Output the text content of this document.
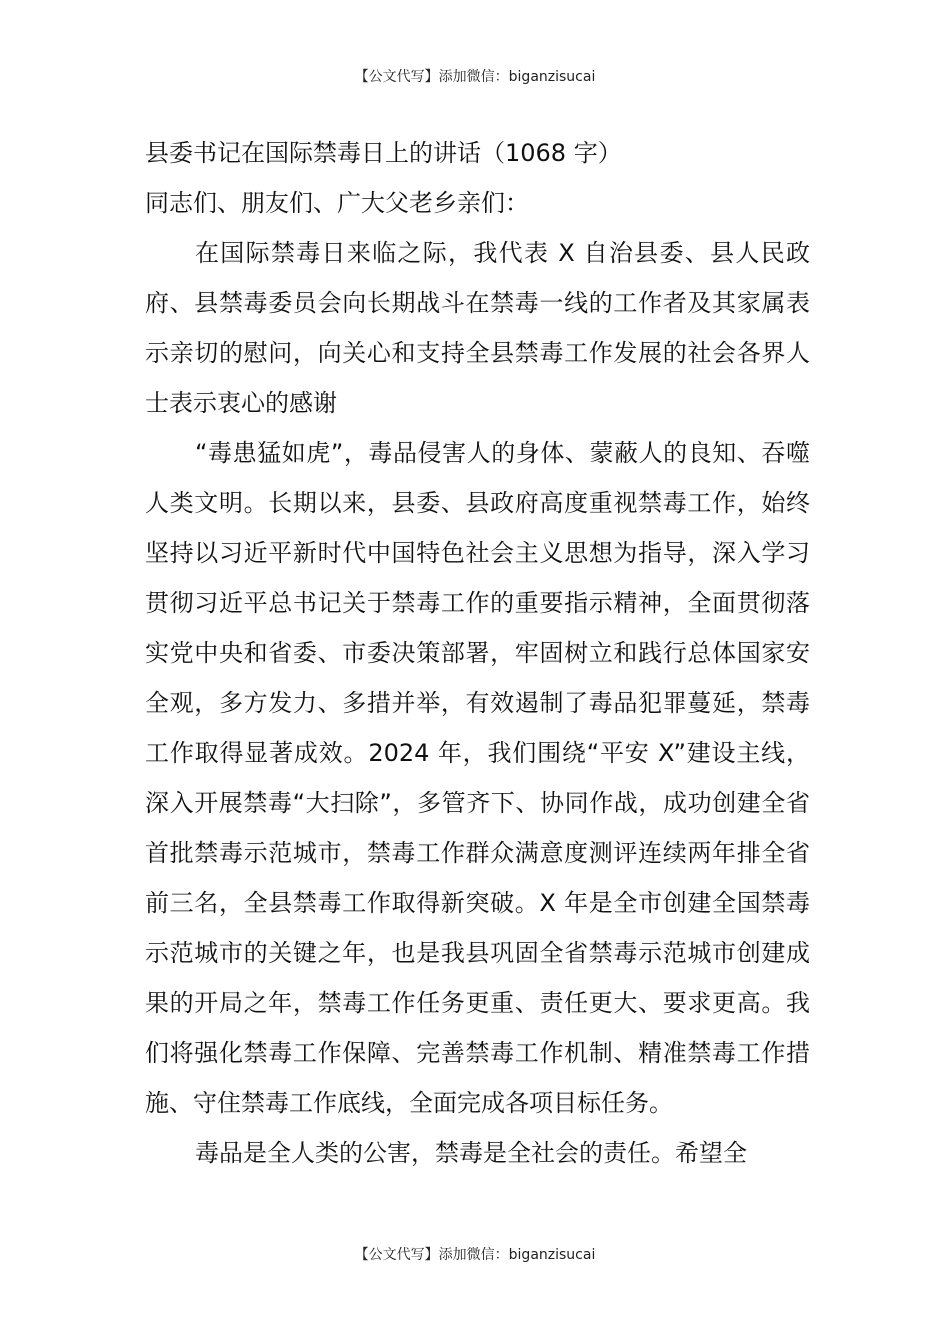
【公文代写】添加微信：biganzisucai
县委书记在国际禁毒日上的讲话（1068 字）
同志们、朋友们、广大父老乡亲们：

在国际禁毒日来临之际，我代表 X 自治县委、县人民政府、县禁毒委员会向长期战斗在禁毒一线的工作者及其家属表示亲切的慰问，向关心和支持全县禁毒工作发展的社会各界人士表示衷心的感谢

“毒患猛如虎”，毒品侵害人的身体、蒙蔽人的良知、吞噬人类文明。长期以来，县委、县政府高度重视禁毒工作，始终坚持以习近平新时代中国特色社会主义思想为指导，深入学习贯彻习近平总书记关于禁毒工作的重要指示精神，全面贯彻落实党中央和省委、市委决策部署，牢固树立和践行总体国家安全观，多方发力、多措并举，有效遏制了毒品犯罪蔓延，禁毒工作取得显著成效。2024 年，我们围绕“平安 X”建设主线，深入开展禁毒“大扫除”，多管齐下、协同作战，成功创建全省首批禁毒示范城市，禁毒工作群众满意度测评连续两年排全省前三名，全县禁毒工作取得新突破。X 年是全市创建全国禁毒示范城市的关键之年，也是我县巩固全省禁毒示范城市创建成果的开局之年，禁毒工作任务更重、责任更大、要求更高。我们将强化禁毒工作保障、完善禁毒工作机制、精准禁毒工作措施、守住禁毒工作底线，全面完成各项目标任务。

毒品是全人类的公害，禁毒是全社会的责任。希望全

【公文代写】添加微信：biganzisucai
